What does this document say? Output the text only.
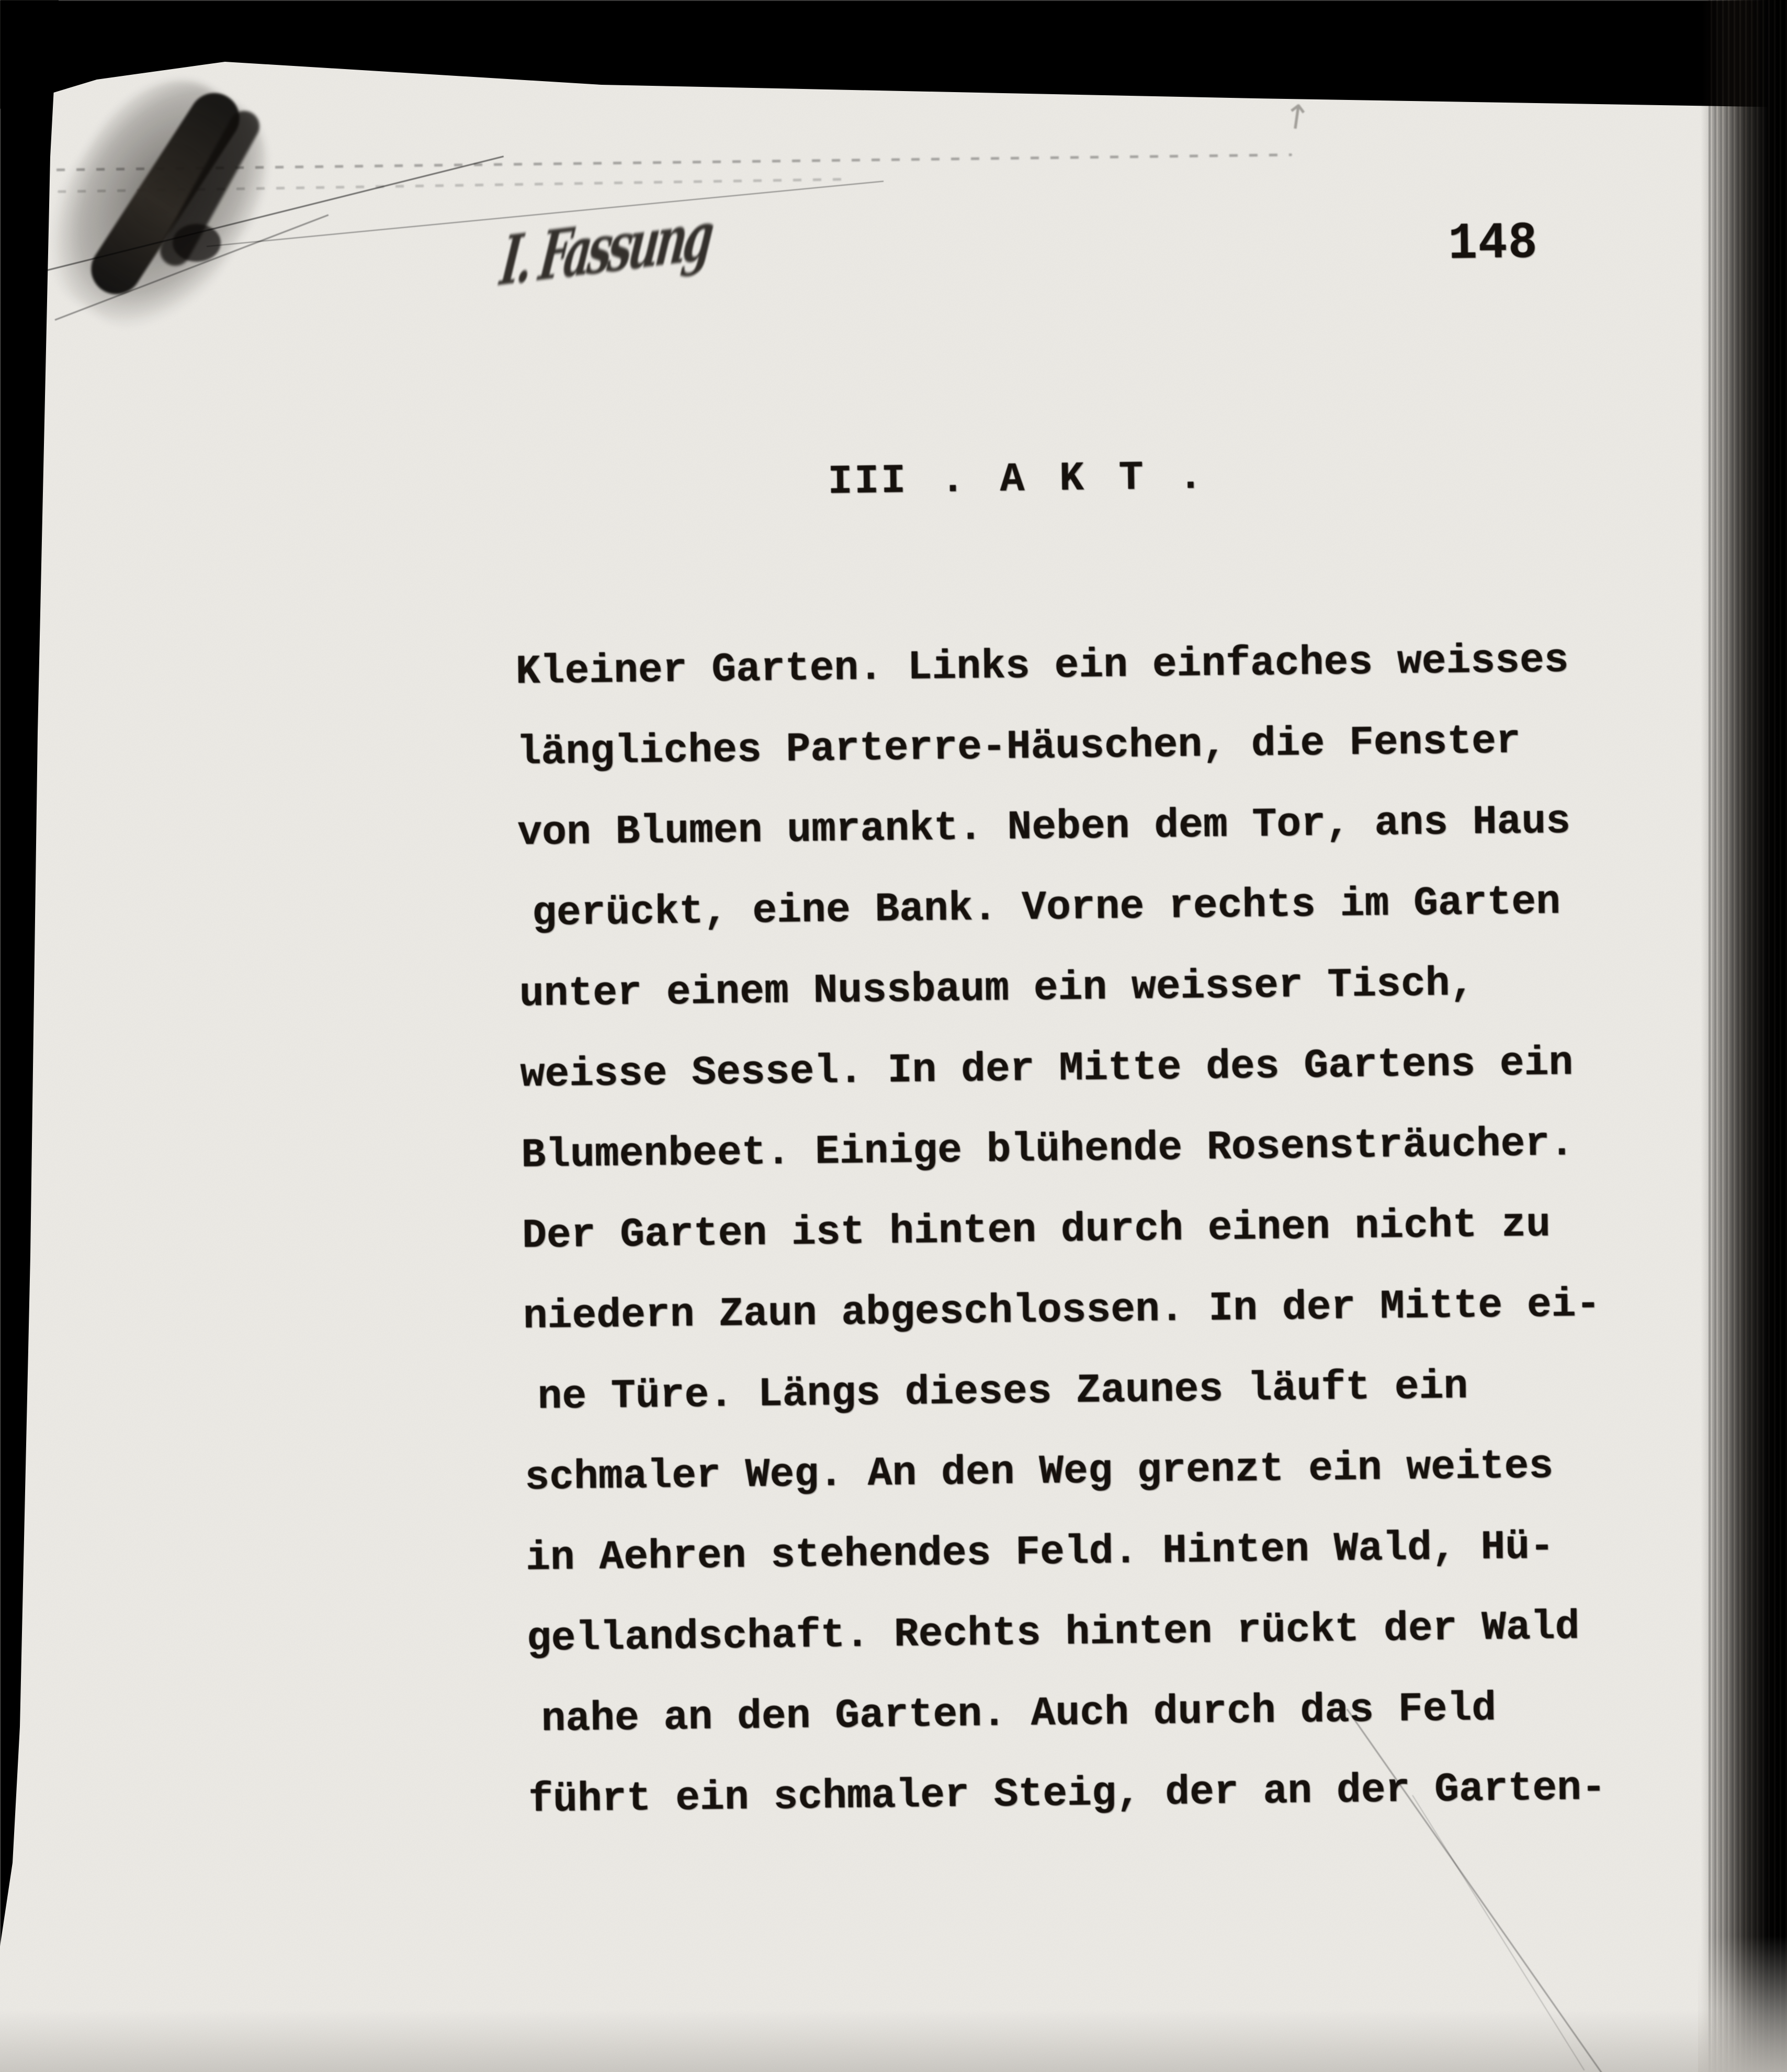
I. Fassung
↑
148
III . A K T .
Kleiner Garten. Links ein einfaches weisses
längliches Parterre-Häuschen, die Fenster
von Blumen umrankt. Neben dem Tor, ans Haus
gerückt, eine Bank. Vorne rechts im Garten
unter einem Nussbaum ein weisser Tisch,
weisse Sessel. In der Mitte des Gartens ein
Blumenbeet. Einige blühende Rosensträucher.
Der Garten ist hinten durch einen nicht zu
niedern Zaun abgeschlossen. In der Mitte ei-
ne Türe. Längs dieses Zaunes läuft ein
schmaler Weg. An den Weg grenzt ein weites
in Aehren stehendes Feld. Hinten Wald, Hü-
gellandschaft. Rechts hinten rückt der Wald
nahe an den Garten. Auch durch das Feld
führt ein schmaler Steig, der an der Garten-
